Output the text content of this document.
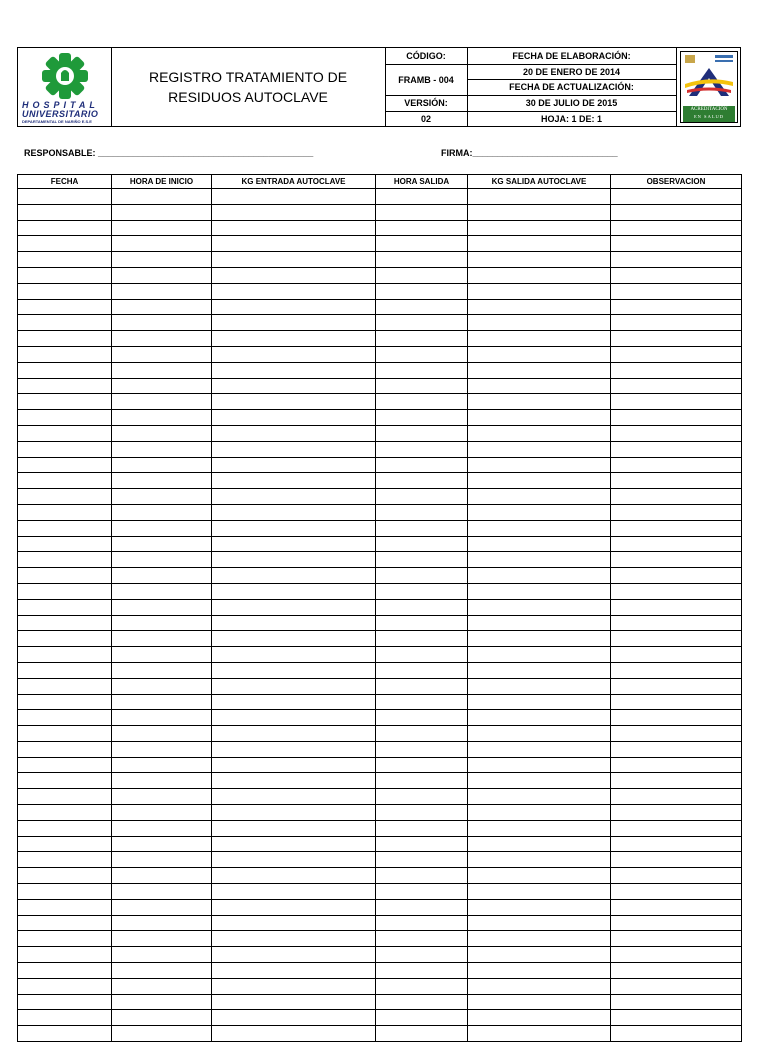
HOSPITAL
UNIVERSITARIO
DEPARTAMENTAL DE NARIÑO E.S.E
REGISTRO TRATAMIENTO DE RESIDUOS AUTOCLAVE
CÓDIGO:
FRAMB - 004
VERSIÓN:
02
FECHA DE ELABORACIÓN:
20 DE ENERO DE 2014
FECHA DE ACTUALIZACIÓN:
30 DE JULIO DE 2015
HOJA: 1 DE: 1
ACREDITACIÓN
EN SALUD
RESPONSABLE: ___________________________________________	FIRMA:_____________________________
FECHA	HORA DE INICIO	KG ENTRADA AUTOCLAVE	HORA SALIDA	KG SALIDA AUTOCLAVE	OBSERVACION
